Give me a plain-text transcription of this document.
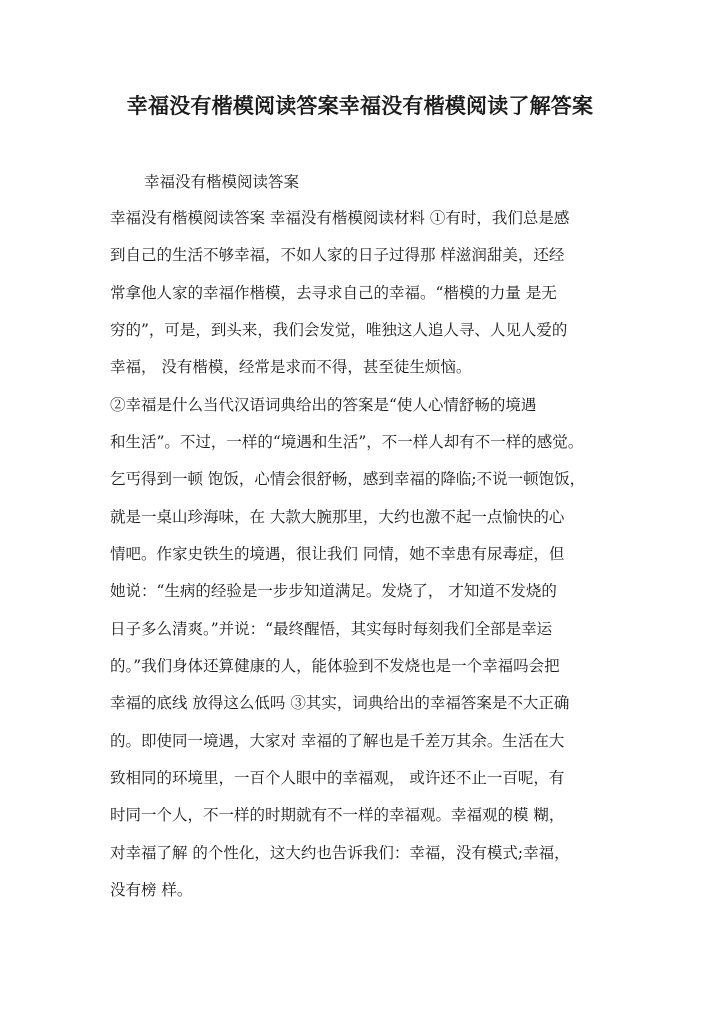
幸福没有楷模阅读答案幸福没有楷模阅读了解答案
幸福没有楷模阅读答案
幸福没有楷模阅读答案 幸福没有楷模阅读材料 ①有时，我们总是感
到自己的生活不够幸福，不如人家的日子过得那 样滋润甜美，还经
常拿他人家的幸福作楷模，去寻求自己的幸福。“楷模的力量 是无
穷的”，可是，到头来，我们会发觉，唯独这人追人寻、人见人爱的
幸福， 没有楷模，经常是求而不得，甚至徒生烦恼。
②幸福是什么当代汉语词典给出的答案是“使人心情舒畅的境遇
和生活”。不过，一样的“境遇和生活”，不一样人却有不一样的感觉。
乞丐得到一顿 饱饭，心情会很舒畅，感到幸福的降临;不说一顿饱饭，
就是一桌山珍海味，在 大款大腕那里，大约也激不起一点愉快的心
情吧。作家史铁生的境遇，很让我们 同情，她不幸患有尿毒症，但
她说：“生病的经验是一步步知道满足。发烧了， 才知道不发烧的
日子多么清爽。”并说：“最终醒悟，其实每时每刻我们全部是幸运
的。”我们身体还算健康的人，能体验到不发烧也是一个幸福吗会把
幸福的底线 放得这么低吗 ③其实，词典给出的幸福答案是不大正确
的。即使同一境遇，大家对 幸福的了解也是千差万其余。生活在大
致相同的环境里，一百个人眼中的幸福观， 或许还不止一百呢，有
时同一个人，不一样的时期就有不一样的幸福观。幸福观的模 糊，
对幸福了解 的个性化，这大约也告诉我们：幸福，没有模式;幸福，
没有榜 样。
